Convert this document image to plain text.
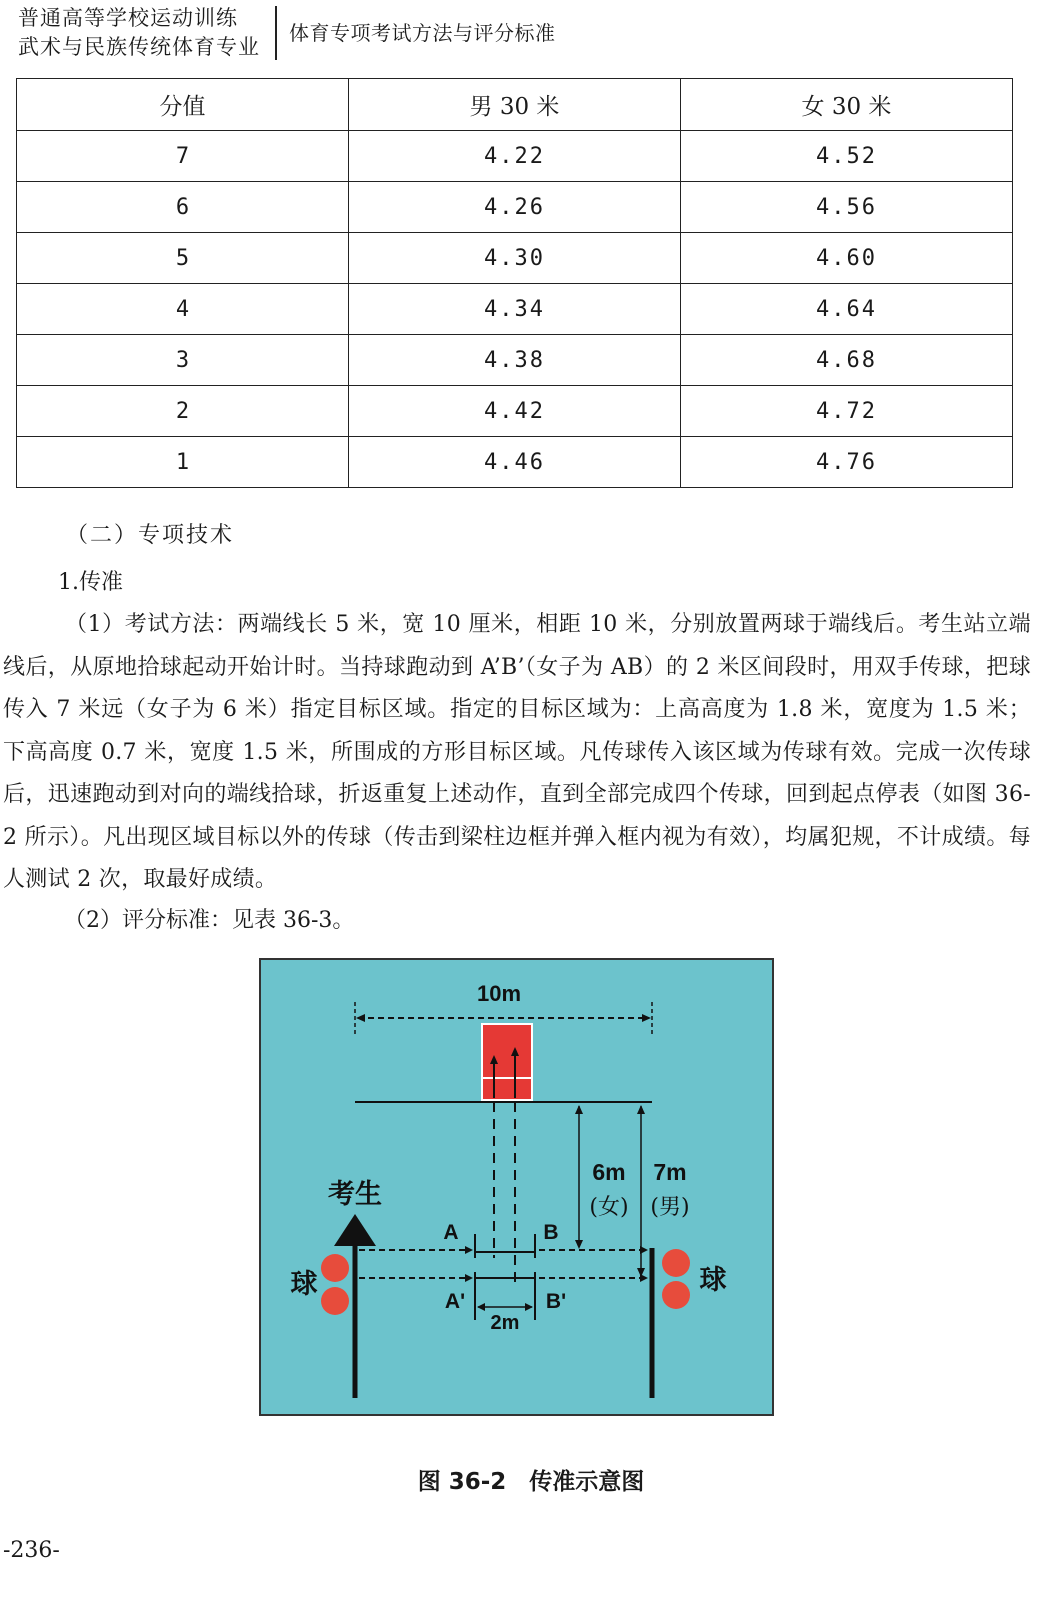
普通高等学校运动训练
武术与民族传统体育专业
体育专项考试方法与评分标准
分值	男 30 米	女 30 米
7	4.22	4.52
6	4.26	4.56
5	4.30	4.60
4	4.34	4.64
3	4.38	4.68
2	4.42	4.72
1	4.46	4.76
（二）专项技术
1.传准
（1）考试方法：两端线长 5 米，宽 10 厘米，相距 10 米，分别放置两球于端线后。考生站立端线后，从原地拾球起动开始计时。当持球跑动到 A’B’（女子为 AB）的 2 米区间段时，用双手传球，把球传入 7 米远（女子为 6 米）指定目标区域。指定的目标区域为：上高高度为 1.8 米，宽度为 1.5 米；下高高度 0.7 米，宽度 1.5 米，所围成的方形目标区域。凡传球传入该区域为传球有效。完成一次传球后，迅速跑动到对向的端线拾球，折返重复上述动作，直到全部完成四个传球，回到起点停表（如图 36-2 所示）。凡出现区域目标以外的传球（传击到梁柱边框并弹入框内视为有效），均属犯规，不计成绩。每人测试 2 次，取最好成绩。
（2）评分标准：见表 36-3。
10m
6m
(女)
7m
(男)
考生
A	B
A'	B'
2m
球	球
图 36-2　传准示意图
-236-
